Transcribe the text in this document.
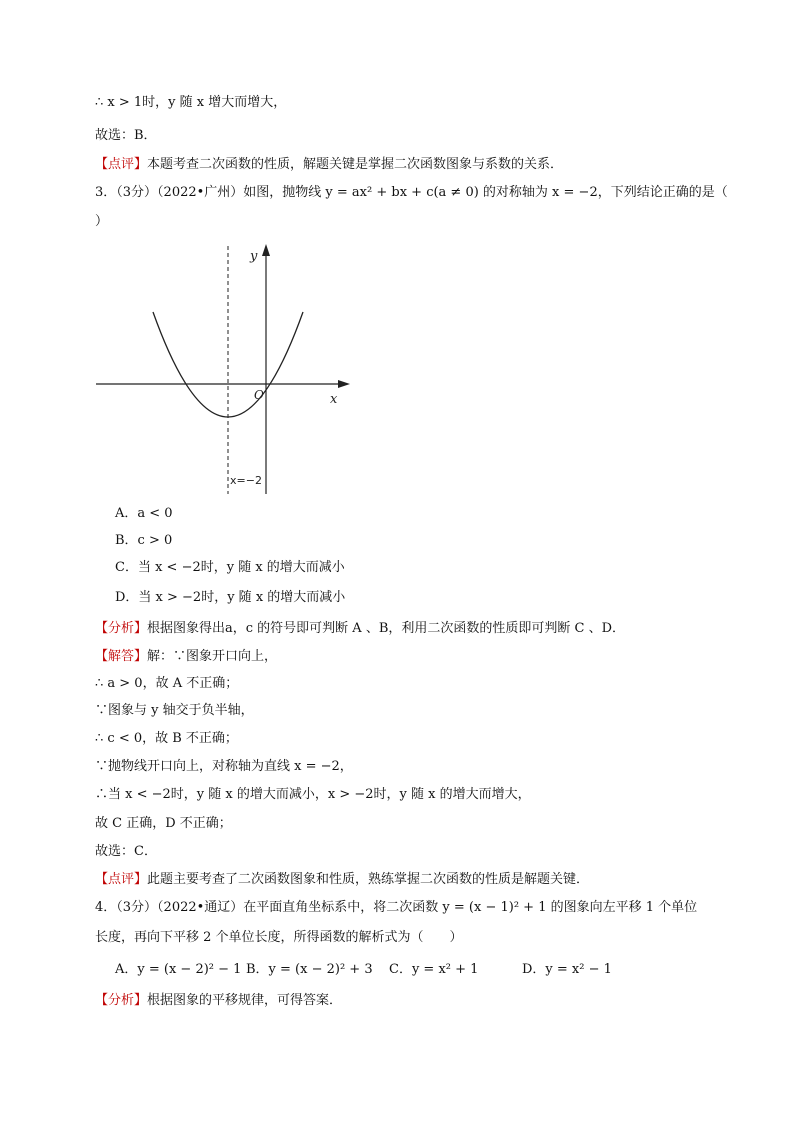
∴ x > 1时，y 随 x 增大而增大，
故选：B．
【点评】本题考查二次函数的性质，解题关键是掌握二次函数图象与系数的关系．
3．（3分）（2022•广州）如图，抛物线 y = ax² + bx + c(a ≠ 0) 的对称轴为 x = −2，下列结论正确的是（
）
y
x
O
x=−2
A．a < 0
B．c > 0
C．当 x < −2时，y 随 x 的增大而减小
D．当 x > −2时，y 随 x 的增大而减小
【分析】根据图象得出a，c 的符号即可判断 A 、B，利用二次函数的性质即可判断 C 、D．
【解答】解：∵图象开口向上，
∴ a > 0，故 A 不正确；
∵图象与 y 轴交于负半轴，
∴ c < 0，故 B 不正确；
∵抛物线开口向上，对称轴为直线 x = −2，
∴当 x < −2时，y 随 x 的增大而减小，x > −2时，y 随 x 的增大而增大，
故 C 正确，D 不正确；
故选：C．
【点评】此题主要考查了二次函数图象和性质，熟练掌握二次函数的性质是解题关键．
4．（3分）（2022•通辽）在平面直角坐标系中，将二次函数 y = (x − 1)² + 1 的图象向左平移 1 个单位
长度，再向下平移 2 个单位长度，所得函数的解析式为（　　）
A．y = (x − 2)² − 1 B．y = (x − 2)² + 3 C．y = x² + 1	D．y = x² − 1
【分析】根据图象的平移规律，可得答案．
